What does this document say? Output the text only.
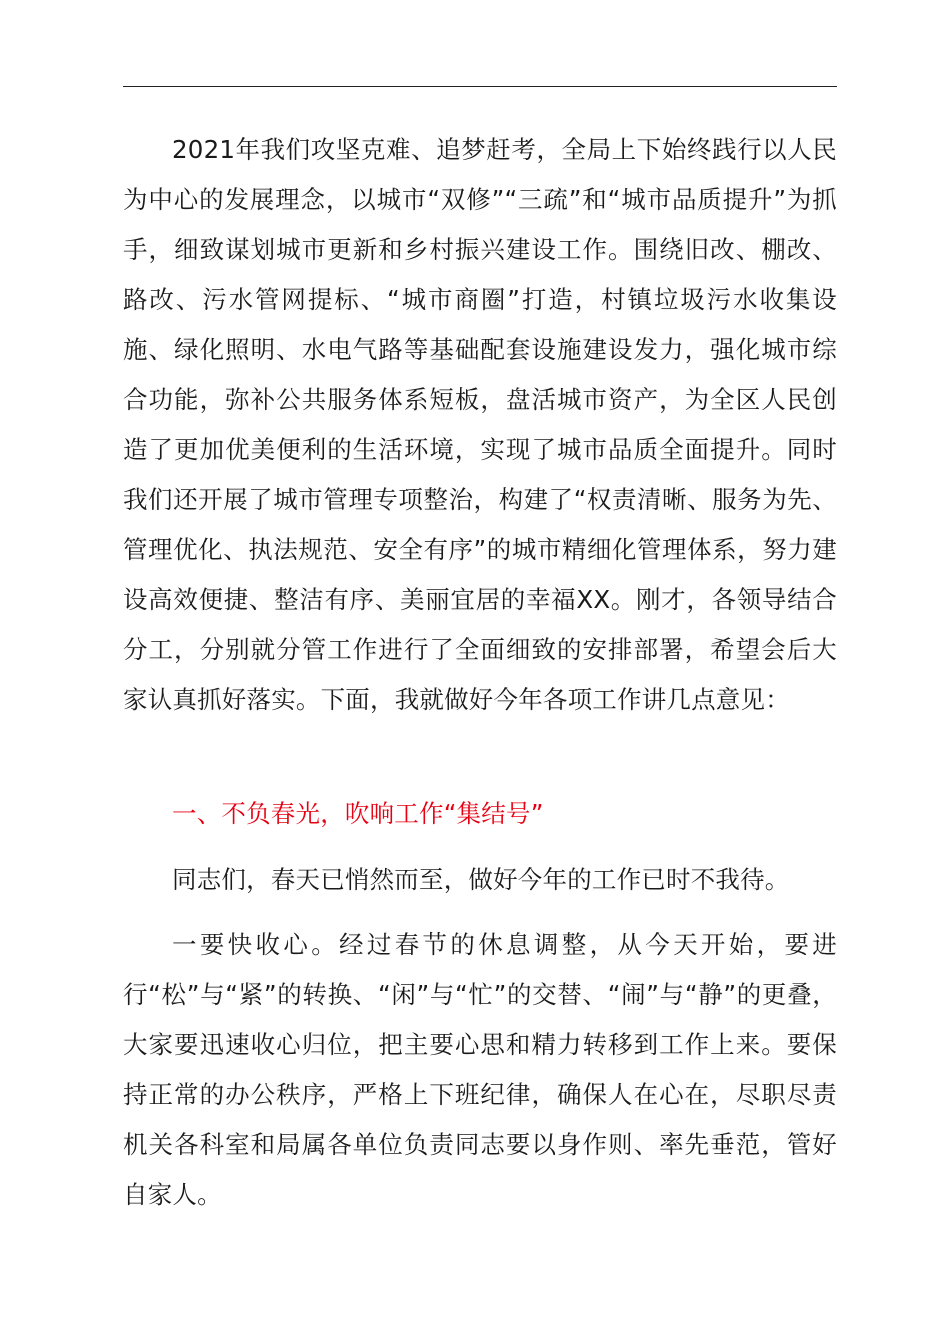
2021年我们攻坚克难、追梦赶考，全局上下始终践行以人民为中心的发展理念，以城市“双修”“三疏”和“城市品质提升”为抓手，细致谋划城市更新和乡村振兴建设工作。围绕旧改、棚改、路改、污水管网提标、“城市商圈”打造，村镇垃圾污水收集设施、绿化照明、水电气路等基础配套设施建设发力，强化城市综合功能，弥补公共服务体系短板，盘活城市资产，为全区人民创造了更加优美便利的生活环境，实现了城市品质全面提升。同时我们还开展了城市管理专项整治，构建了“权责清晰、服务为先、管理优化、执法规范、安全有序”的城市精细化管理体系，努力建设高效便捷、整洁有序、美丽宜居的幸福XX。刚才，各领导结合分工，分别就分管工作进行了全面细致的安排部署，希望会后大家认真抓好落实。下面，我就做好今年各项工作讲几点意见：

一、不负春光，吹响工作“集结号”

同志们，春天已悄然而至，做好今年的工作已时不我待。

一要快收心。经过春节的休息调整，从今天开始，要进行“松”与“紧”的转换、“闲”与“忙”的交替、“闹”与“静”的更叠，大家要迅速收心归位，把主要心思和精力转移到工作上来。要保持正常的办公秩序，严格上下班纪律，确保人在心在，尽职尽责机关各科室和局属各单位负责同志要以身作则、率先垂范，管好自家人。
